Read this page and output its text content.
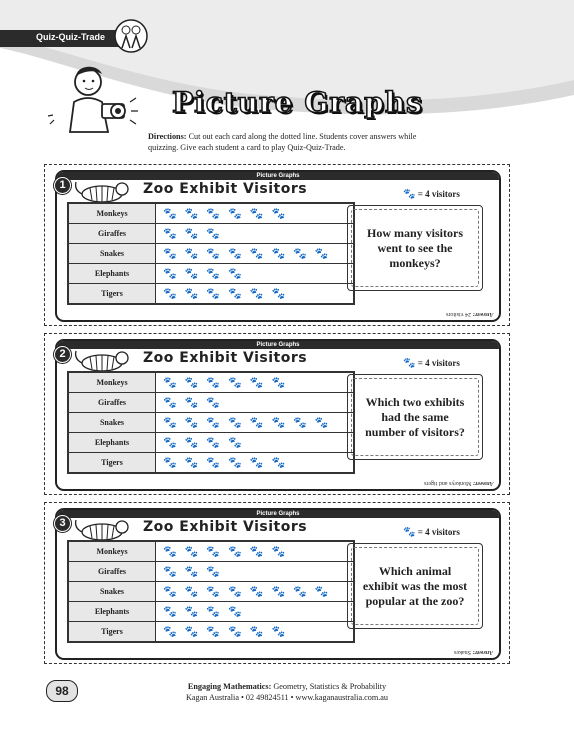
Quiz-Quiz-Trade
Picture Graphs
Directions: Cut out each card along the dotted line. Students cover answers while quizzing. Give each student a card to play Quiz-Quiz-Trade.
Picture Graphs
1	Zoo Exhibit Visitors	🐾 = 4 visitors
Monkeys	🐾🐾🐾🐾🐾🐾
Giraffes	🐾🐾🐾
Snakes	🐾🐾🐾🐾🐾🐾🐾🐾
Elephants	🐾🐾🐾🐾
Tigers	🐾🐾🐾🐾🐾🐾
How many visitors went to see the monkeys?
Answer: 24 visitors
Picture Graphs
2	Zoo Exhibit Visitors	🐾 = 4 visitors
Monkeys	🐾🐾🐾🐾🐾🐾
Giraffes	🐾🐾🐾
Snakes	🐾🐾🐾🐾🐾🐾🐾🐾
Elephants	🐾🐾🐾🐾
Tigers	🐾🐾🐾🐾🐾🐾
Which two exhibits had the same number of visitors?
Answer: Monkeys and tigers
Picture Graphs
3	Zoo Exhibit Visitors	🐾 = 4 visitors
Monkeys	🐾🐾🐾🐾🐾🐾
Giraffes	🐾🐾🐾
Snakes	🐾🐾🐾🐾🐾🐾🐾🐾
Elephants	🐾🐾🐾🐾
Tigers	🐾🐾🐾🐾🐾🐾
Which animal exhibit was the most popular at the zoo?
Answer: Snakes
98	Engaging Mathematics: Geometry, Statistics & Probability
Kagan Australia • 02 49824511 • www.kaganaustralia.com.au
